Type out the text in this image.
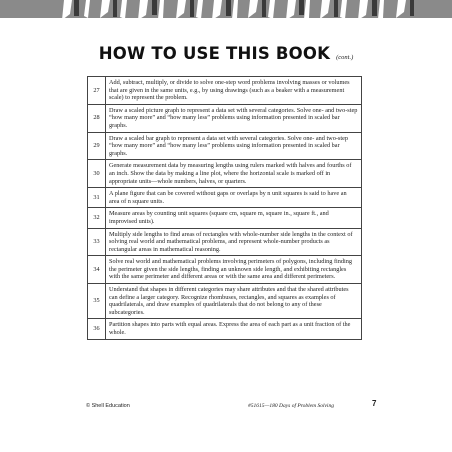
HOW TO USE THIS BOOK (cont.)
27	Add, subtract, multiply, or divide to solve one-step word problems involving masses or volumes that are given in the same units, e.g., by using drawings (such as a beaker with a measurement scale) to represent the problem.
28	Draw a scaled picture graph to represent a data set with several categories. Solve one- and two-step “how many more” and “how many less” problems using information presented in scaled bar graphs.
29	Draw a scaled bar graph to represent a data set with several categories. Solve one- and two-step “how many more” and “how many less” problems using information presented in scaled bar graphs.
30	Generate measurement data by measuring lengths using rulers marked with halves and fourths of an inch. Show the data by making a line plot, where the horizontal scale is marked off in appropriate units—whole numbers, halves, or quarters.
31	A plane figure that can be covered without gaps or overlaps by n unit squares is said to have an area of n square units.
32	Measure areas by counting unit squares (square cm, square m, square in., square ft., and improvised units).
33	Multiply side lengths to find areas of rectangles with whole-number side lengths in the context of solving real world and mathematical problems, and represent whole-number products as rectangular areas in mathematical reasoning.
34	Solve real world and mathematical problems involving perimeters of polygons, including finding the perimeter given the side lengths, finding an unknown side length, and exhibiting rectangles with the same perimeter and different areas or with the same area and different perimeters.
35	Understand that shapes in different categories may share attributes and that the shared attributes can define a larger category. Recognize rhombuses, rectangles, and squares as examples of quadrilaterals, and draw examples of quadrilaterals that do not belong to any of these subcategories.
36	Partition shapes into parts with equal areas. Express the area of each part as a unit fraction of the whole.
© Shell Education	#51615—180 Days of Problem Solving	7
